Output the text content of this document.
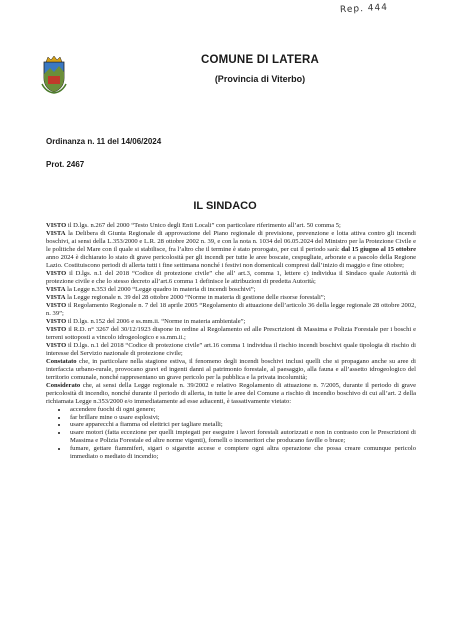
Rep. 444
COMUNE DI LATERA
(Provincia di Viterbo)
Ordinanza n. 11 del 14/06/2024
Prot. 2467
IL SINDACO

VISTO il D.lgs. n.267 del 2000 “Testo Unico degli Enti Locali” con particolare riferimento all’art. 50 comma 5;

VISTA la Delibera di Giunta Regionale di approvazione del Piano regionale di previsione, prevenzione e lotta attiva contro gli incendi boschivi, ai sensi della L.353/2000 e L.R. 28 ottobre 2002 n. 39, e con la nota n. 1034 del 06.05.2024 del Ministro per la Protezione Civile e le politiche del Mare con il quale si stabilisce, fra l’altro che il termine è stato prorogato, per cui il periodo sarà: dal 15 giugno al 15 ottobre anno 2024 è dichiarato lo stato di grave pericolosità per gli incendi per tutte le aree boscate, cespugliate, arborate e a pascolo della Regione Lazio. Costituiscono periodi di allerta tutti i fine settimana nonché i festivi non domenicali compresi dall’inizio di maggio e fine ottobre;

VISTO il D.lgs. n.1 del 2018 “Codice di protezione civile” che all’ art.3, comma 1, lettere c) individua il Sindaco quale Autorità di protezione civile e che lo stesso decreto all’art.6 comma 1 definisce le attribuzioni di predetta Autorità;

VISTA la Legge n.353 del 2000 “Legge quadro in materia di incendi boschivi”;

VISTA la Legge regionale n. 39 del 28 ottobre 2000 “Norme in materia di gestione delle risorse forestali”;

VISTO il Regolamento Regionale n. 7 del 18 aprile 2005 “Regolamento di attuazione dell’articolo 36 della legge regionale 28 ottobre 2002, n. 39”;

VISTO il D.lgs. n.152 del 2006 e ss.mm.ii. “Norme in materia ambientale”;

VISTO il R.D. n° 3267 del 30/12/1923 dispone in ordine al Regolamento ed alle Prescrizioni di Massima e Polizia Forestale per i boschi e terreni sottoposti a vincolo idrogeologico e ss.mm.ii.;

VISTO il D.lgs. n.1 del 2018 “Codice di protezione civile” art.16 comma 1 individua il rischio incendi boschivi quale tipologia di rischio di interesse del Servizio nazionale di protezione civile;

Constatato che, in particolare nella stagione estiva, il fenomeno degli incendi boschivi inclusi quelli che si propagano anche su aree di interfaccia urbano-rurale, provocano gravi ed ingenti danni al patrimonio forestale, al paesaggio, alla fauna e all’assetto idrogeologico del territorio comunale, nonché rappresentano un grave pericolo per la pubblica e la privata incolumità;

Considerato che, ai sensi della Legge regionale n. 39/2002 e relativo Regolamento di attuazione n. 7/2005, durante il periodo di grave pericolosità di incendio, nonché durante il periodo di allerta, in tutte le aree del Comune a rischio di incendio boschivo di cui all’art. 2 della richiamata Legge n.353/2000 e/o immediatamente ad esse adiacenti, è tassativamente vietato:

• accendere fuochi di ogni genere;
• far brillare mine o usare esplosivi;
• usare apparecchi a fiamma od elettrici per tagliare metalli;
• usare motori (fatta eccezione per quelli impiegati per eseguire i lavori forestali autorizzati e non in contrasto con le Prescrizioni di Massima e Polizia Forestale ed altre norme vigenti), fornelli o inceneritori che producano faville o brace;
• fumare, gettare fiammiferi, sigari o sigarette accese e compiere ogni altra operazione che possa creare comunque pericolo immediato o mediato di incendio;
